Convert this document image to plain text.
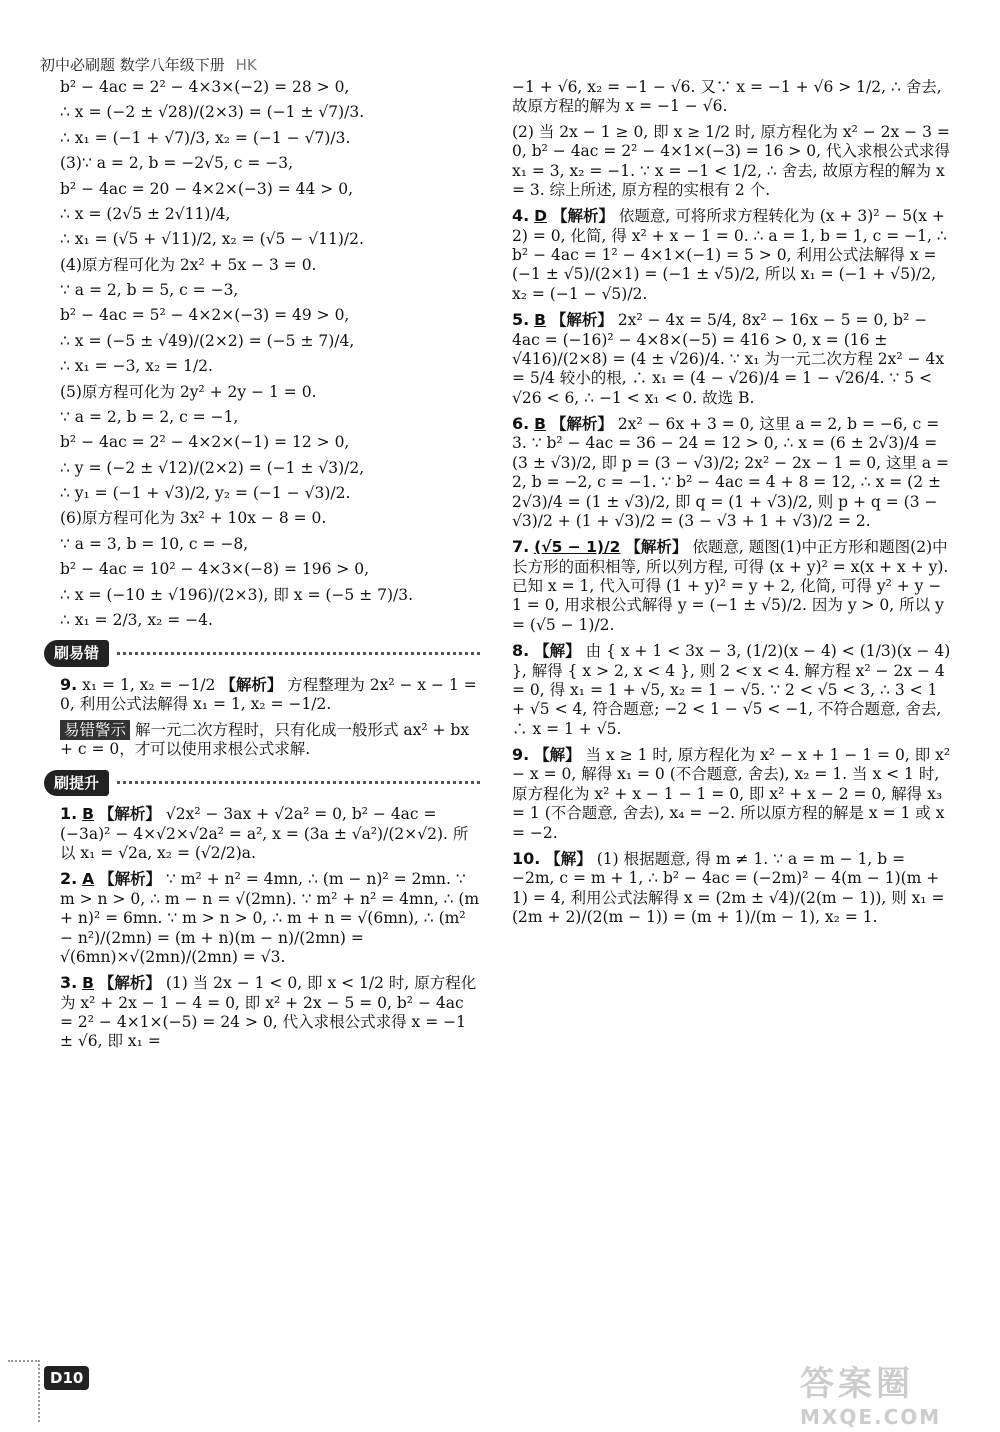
初中必刷题 数学八年级下册 HK
b² − 4ac = 2² − 4×3×(−2) = 28 > 0,
∴ x = (−2 ± √28)/(2×3) = (−1 ± √7)/3.
∴ x₁ = (−1 + √7)/3, x₂ = (−1 − √7)/3.
(3)∵ a = 2, b = −2√5, c = −3,
b² − 4ac = 20 − 4×2×(−3) = 44 > 0,
∴ x = (2√5 ± 2√11)/4,
∴ x₁ = (√5 + √11)/2, x₂ = (√5 − √11)/2.
(4)原方程可化为 2x² + 5x − 3 = 0.
∵ a = 2, b = 5, c = −3,
b² − 4ac = 5² − 4×2×(−3) = 49 > 0,
∴ x = (−5 ± √49)/(2×2) = (−5 ± 7)/4,
∴ x₁ = −3, x₂ = 1/2.
(5)原方程可化为 2y² + 2y − 1 = 0.
∵ a = 2, b = 2, c = −1,
b² − 4ac = 2² − 4×2×(−1) = 12 > 0,
∴ y = (−2 ± √12)/(2×2) = (−1 ± √3)/2,
∴ y₁ = (−1 + √3)/2, y₂ = (−1 − √3)/2.
(6)原方程可化为 3x² + 10x − 8 = 0.
∵ a = 3, b = 10, c = −8,
b² − 4ac = 10² − 4×3×(−8) = 196 > 0,
∴ x = (−10 ± √196)/(2×3), 即 x = (−5 ± 7)/3.
∴ x₁ = 2/3, x₂ = −4.
刷易错
9. x₁ = 1, x₂ = −1/2 【解析】 方程整理为 2x² − x − 1 = 0, 利用公式法解得 x₁ = 1, x₂ = −1/2.
易错警示 解一元二次方程时，只有化成一般形式 ax² + bx + c = 0，才可以使用求根公式求解.
刷提升
1. B 【解析】 √2x² − 3ax + √2a² = 0, b² − 4ac = (−3a)² − 4×√2×√2a² = a², x = (3a ± √a²)/(2×√2). 所以 x₁ = √2a, x₂ = (√2/2)a.
2. A 【解析】 ∵ m² + n² = 4mn, ∴ (m − n)² = 2mn. ∵ m > n > 0, ∴ m − n = √(2mn). ∵ m² + n² = 4mn, ∴ (m + n)² = 6mn. ∵ m > n > 0, ∴ m + n = √(6mn), ∴ (m² − n²)/(2mn) = (m + n)(m − n)/(2mn) = √(6mn)×√(2mn)/(2mn) = √3.
3. B 【解析】 (1) 当 2x − 1 < 0, 即 x < 1/2 时, 原方程化为 x² + 2x − 1 − 4 = 0, 即 x² + 2x − 5 = 0, b² − 4ac = 2² − 4×1×(−5) = 24 > 0, 代入求根公式求得 x = −1 ± √6, 即 x₁ =
−1 + √6, x₂ = −1 − √6. 又∵ x = −1 + √6 > 1/2, ∴ 舍去, 故原方程的解为 x = −1 − √6.
(2) 当 2x − 1 ≥ 0, 即 x ≥ 1/2 时, 原方程化为 x² − 2x − 3 = 0, b² − 4ac = 2² − 4×1×(−3) = 16 > 0, 代入求根公式求得 x₁ = 3, x₂ = −1. ∵ x = −1 < 1/2, ∴ 舍去, 故原方程的解为 x = 3. 综上所述, 原方程的实根有 2 个.
4. D 【解析】 依题意, 可将所求方程转化为 (x + 3)² − 5(x + 2) = 0, 化简, 得 x² + x − 1 = 0. ∴ a = 1, b = 1, c = −1, ∴ b² − 4ac = 1² − 4×1×(−1) = 5 > 0, 利用公式法解得 x = (−1 ± √5)/(2×1) = (−1 ± √5)/2, 所以 x₁ = (−1 + √5)/2, x₂ = (−1 − √5)/2.
5. B 【解析】 2x² − 4x = 5/4, 8x² − 16x − 5 = 0, b² − 4ac = (−16)² − 4×8×(−5) = 416 > 0, x = (16 ± √416)/(2×8) = (4 ± √26)/4. ∵ x₁ 为一元二次方程 2x² − 4x = 5/4 较小的根, ∴ x₁ = (4 − √26)/4 = 1 − √26/4. ∵ 5 < √26 < 6, ∴ −1 < x₁ < 0. 故选 B.
6. B 【解析】 2x² − 6x + 3 = 0, 这里 a = 2, b = −6, c = 3. ∵ b² − 4ac = 36 − 24 = 12 > 0, ∴ x = (6 ± 2√3)/4 = (3 ± √3)/2, 即 p = (3 − √3)/2; 2x² − 2x − 1 = 0, 这里 a = 2, b = −2, c = −1. ∵ b² − 4ac = 4 + 8 = 12, ∴ x = (2 ± 2√3)/4 = (1 ± √3)/2, 即 q = (1 + √3)/2, 则 p + q = (3 − √3)/2 + (1 + √3)/2 = (3 − √3 + 1 + √3)/2 = 2.
7. (√5 − 1)/2 【解析】 依题意, 题图(1)中正方形和题图(2)中长方形的面积相等, 所以列方程, 可得 (x + y)² = x(x + x + y). 已知 x = 1, 代入可得 (1 + y)² = y + 2, 化简, 可得 y² + y − 1 = 0, 用求根公式解得 y = (−1 ± √5)/2. 因为 y > 0, 所以 y = (√5 − 1)/2.
8. 【解】 由 { x + 1 < 3x − 3, (1/2)(x − 4) < (1/3)(x − 4) }, 解得 { x > 2, x < 4 }, 则 2 < x < 4. 解方程 x² − 2x − 4 = 0, 得 x₁ = 1 + √5, x₂ = 1 − √5. ∵ 2 < √5 < 3, ∴ 3 < 1 + √5 < 4, 符合题意; −2 < 1 − √5 < −1, 不符合题意, 舍去, ∴ x = 1 + √5.
9. 【解】 当 x ≥ 1 时, 原方程化为 x² − x + 1 − 1 = 0, 即 x² − x = 0, 解得 x₁ = 0 (不合题意, 舍去), x₂ = 1. 当 x < 1 时, 原方程化为 x² + x − 1 − 1 = 0, 即 x² + x − 2 = 0, 解得 x₃ = 1 (不合题意, 舍去), x₄ = −2. 所以原方程的解是 x = 1 或 x = −2.
10. 【解】 (1) 根据题意, 得 m ≠ 1. ∵ a = m − 1, b = −2m, c = m + 1, ∴ b² − 4ac = (−2m)² − 4(m − 1)(m + 1) = 4, 利用公式法解得 x = (2m ± √4)/(2(m − 1)), 则 x₁ = (2m + 2)/(2(m − 1)) = (m + 1)/(m − 1), x₂ = 1.
D10	答案圈
MXQE.COM
